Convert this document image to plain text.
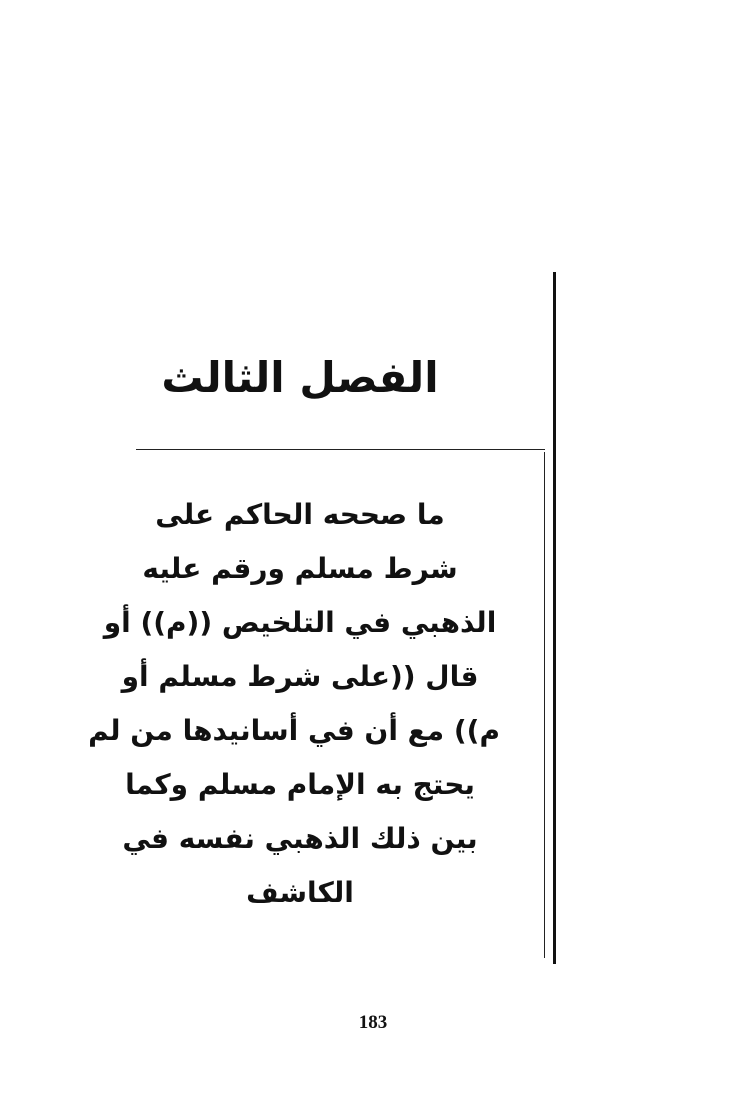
الفصل الثالث
ما صححه الحاكم على
شرط مسلم ورقم عليه
الذهبي في التلخيص ((م)) أو
قال ((على شرط مسلم أو
م)) مع أن في أسانيدها من لم
يحتج به الإمام مسلم وكما
بين ذلك الذهبي نفسه في
الكاشف
183
